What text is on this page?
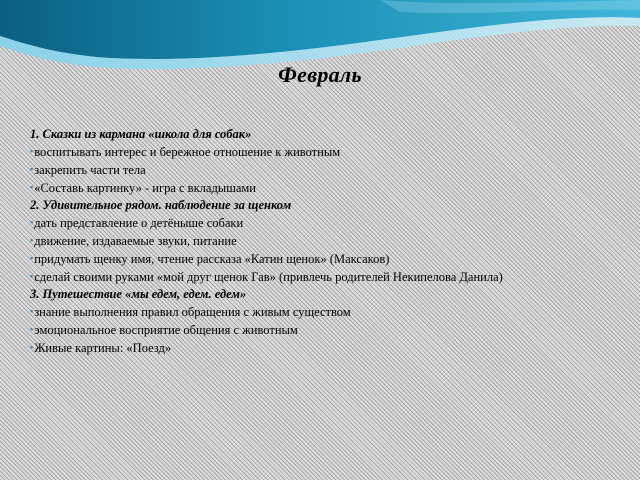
Февраль
1. Сказки из кармана «школа для собак»
▪воспитывать интерес и бережное отношение к животным
▪закрепить части тела
▪«Составь картинку» - игра с вкладышами
2. Удивительное рядом. наблюдение за щенком
▪дать представление о детёныше собаки
▪движение, издаваемые звуки, питание
▪придумать щенку имя, чтение рассказа «Катин щенок» (Максаков)
▪сделай своими руками «мой друг щенок Гав» (привлечь родителей Некипелова Данила)
3. Путешествие «мы едем, едем. едем»
▪знание выполнения правил обращения с живым существом
▪эмоциональное восприятие общения с животным
▪Живые картины: «Поезд»
